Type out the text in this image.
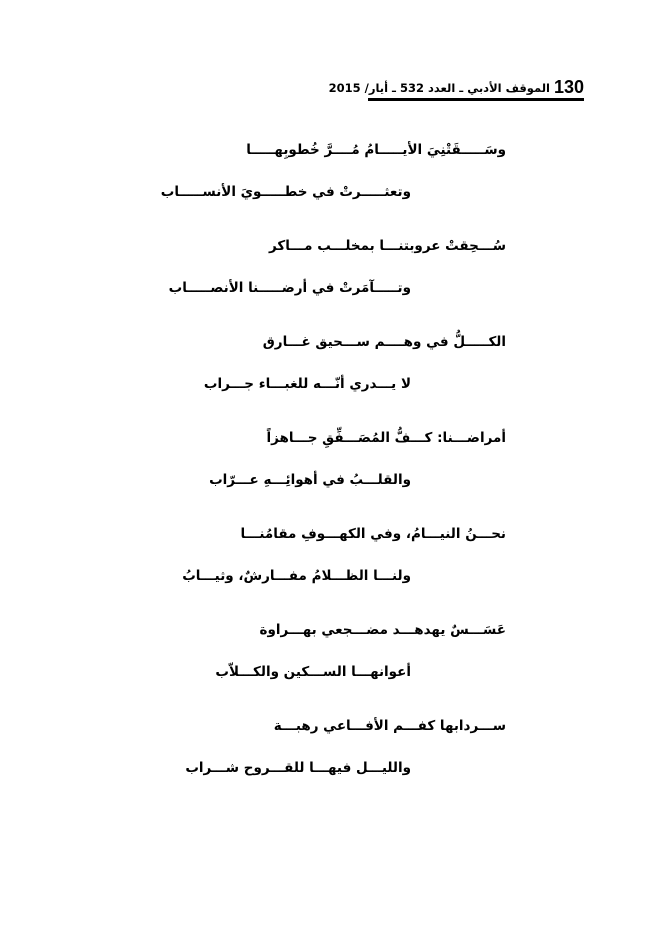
130
الموقف الأدبي ـ العدد 532 ـ أيار/ 2015
وسَـــــقَتْنِيَ الأيـــــامُ مُــــرَّ خُطوبِهـــــا
وتعثـــــرتْ في خطـــــويَ الأنســـــاب
سُـــحِقتْ عروبتنـــا بمخلـــب مـــاكر
وتـــــآمَرتْ في أرضـــــنا الأنصـــــاب
الكـــــلُّ في وهــــم ســـحيق غـــارق
لا يـــدري أنّـــه للغبـــاء جـــراب
أمراضـــنا: كـــفُّ المُصَـــفِّقِ جـــاهزاً
والقلـــبُ في أهوائِـــهِ عـــرّاب
نحـــنُ النيـــامُ، وفي الكهـــوفِ مقامُنـــا
ولنـــا الظـــلامُ مفـــارشٌ، وثيـــابُ
عَسَـــسٌ يهدهـــد مضـــجعي بهـــراوة
أعوانهـــا الســـكين والكـــلاّب
ســـردابها كفـــم الأفـــاعي رهبـــة
والليـــل فيهـــا للقـــروح شـــراب
